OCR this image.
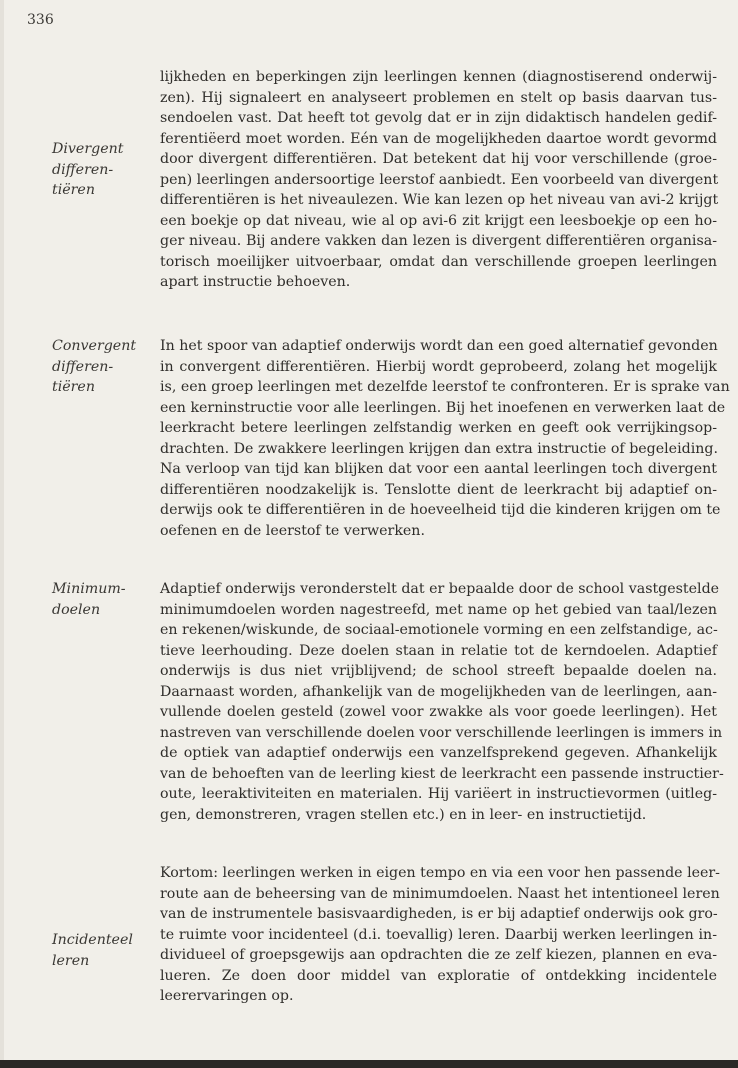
336
Divergent
differen-
tiëren
Convergent
differen-
tiëren
Minimum-
doelen
Incidenteel
leren
lijkheden en beperkingen zijn leerlingen kennen (diagnostiserend onderwij-
zen). Hij signaleert en analyseert problemen en stelt op basis daarvan tus-
sendoelen vast. Dat heeft tot gevolg dat er in zijn didaktisch handelen gedif-
ferentiëerd moet worden. Eén van de mogelijkheden daartoe wordt gevormd
door divergent differentiëren. Dat betekent dat hij voor verschillende (groe-
pen) leerlingen andersoortige leerstof aanbiedt. Een voorbeeld van divergent
differentiëren is het niveaulezen. Wie kan lezen op het niveau van avi-2 krijgt
een boekje op dat niveau, wie al op avi-6 zit krijgt een leesboekje op een ho-
ger niveau. Bij andere vakken dan lezen is divergent differentiëren organisa-
torisch moeilijker uitvoerbaar, omdat dan verschillende groepen leerlingen
apart instructie behoeven.
In het spoor van adaptief onderwijs wordt dan een goed alternatief gevonden
in convergent differentiëren. Hierbij wordt geprobeerd, zolang het mogelijk
is, een groep leerlingen met dezelfde leerstof te confronteren. Er is sprake van
een kerninstructie voor alle leerlingen. Bij het inoefenen en verwerken laat de
leerkracht betere leerlingen zelfstandig werken en geeft ook verrijkingsop-
drachten. De zwakkere leerlingen krijgen dan extra instructie of begeleiding.
Na verloop van tijd kan blijken dat voor een aantal leerlingen toch divergent
differentiëren noodzakelijk is. Tenslotte dient de leerkracht bij adaptief on-
derwijs ook te differentiëren in de hoeveelheid tijd die kinderen krijgen om te
oefenen en de leerstof te verwerken.
Adaptief onderwijs veronderstelt dat er bepaalde door de school vastgestelde
minimumdoelen worden nagestreefd, met name op het gebied van taal/lezen
en rekenen/wiskunde, de sociaal-emotionele vorming en een zelfstandige, ac-
tieve leerhouding. Deze doelen staan in relatie tot de kerndoelen. Adaptief
onderwijs is dus niet vrijblijvend; de school streeft bepaalde doelen na.
Daarnaast worden, afhankelijk van de mogelijkheden van de leerlingen, aan-
vullende doelen gesteld (zowel voor zwakke als voor goede leerlingen). Het
nastreven van verschillende doelen voor verschillende leerlingen is immers in
de optiek van adaptief onderwijs een vanzelfsprekend gegeven. Afhankelijk
van de behoeften van de leerling kiest de leerkracht een passende instructier-
oute, leeraktiviteiten en materialen. Hij variëert in instructievormen (uitleg-
gen, demonstreren, vragen stellen etc.) en in leer- en instructietijd.
Kortom: leerlingen werken in eigen tempo en via een voor hen passende leer-
route aan de beheersing van de minimumdoelen. Naast het intentioneel leren
van de instrumentele basisvaardigheden, is er bij adaptief onderwijs ook gro-
te ruimte voor incidenteel (d.i. toevallig) leren. Daarbij werken leerlingen in-
dividueel of groepsgewijs aan opdrachten die ze zelf kiezen, plannen en eva-
lueren. Ze doen door middel van exploratie of ontdekking incidentele
leerervaringen op.
